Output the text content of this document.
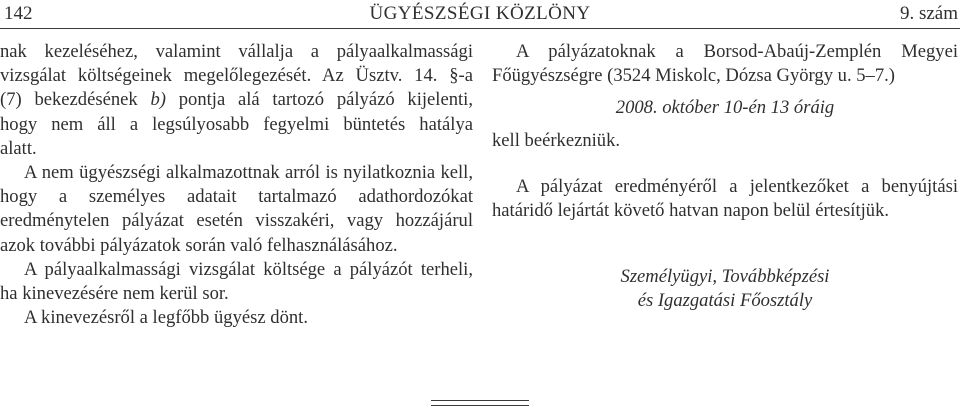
142	ÜGYÉSZSÉGI KÖZLÖNY	9. szám

nak kezeléséhez, valamint vállalja a pályaalkalmassági

vizsgálat költségeinek megelőlegezését. Az Üsztv. 14. §-a

(7) bekezdésének b) pontja alá tartozó pályázó kijelenti,

hogy nem áll a legsúlyosabb fegyelmi büntetés hatálya

alatt.

A nem ügyészségi alkalmazottnak arról is nyilatkoznia kell, hogy a személyes adatait tartalmazó adathordozókat eredménytelen pályázat esetén visszakéri, vagy hozzájárul azok további pályázatok során való felhasználásához.

A pályaalkalmassági vizsgálat költsége a pályázót terheli, ha kinevezésére nem kerül sor.

A kinevezésről a legfőbb ügyész dönt.

A pályázatoknak a Borsod-Abaúj-Zemplén Megyei Főügyészségre (3524 Miskolc, Dózsa György u. 5–7.)

2008. október 10-én 13 óráig

kell beérkezniük.

A pályázat eredményéről a jelentkezőket a benyújtási határidő lejártát követő hatvan napon belül értesítjük.

Személyügyi, Továbbképzési

és Igazgatási Főosztály
